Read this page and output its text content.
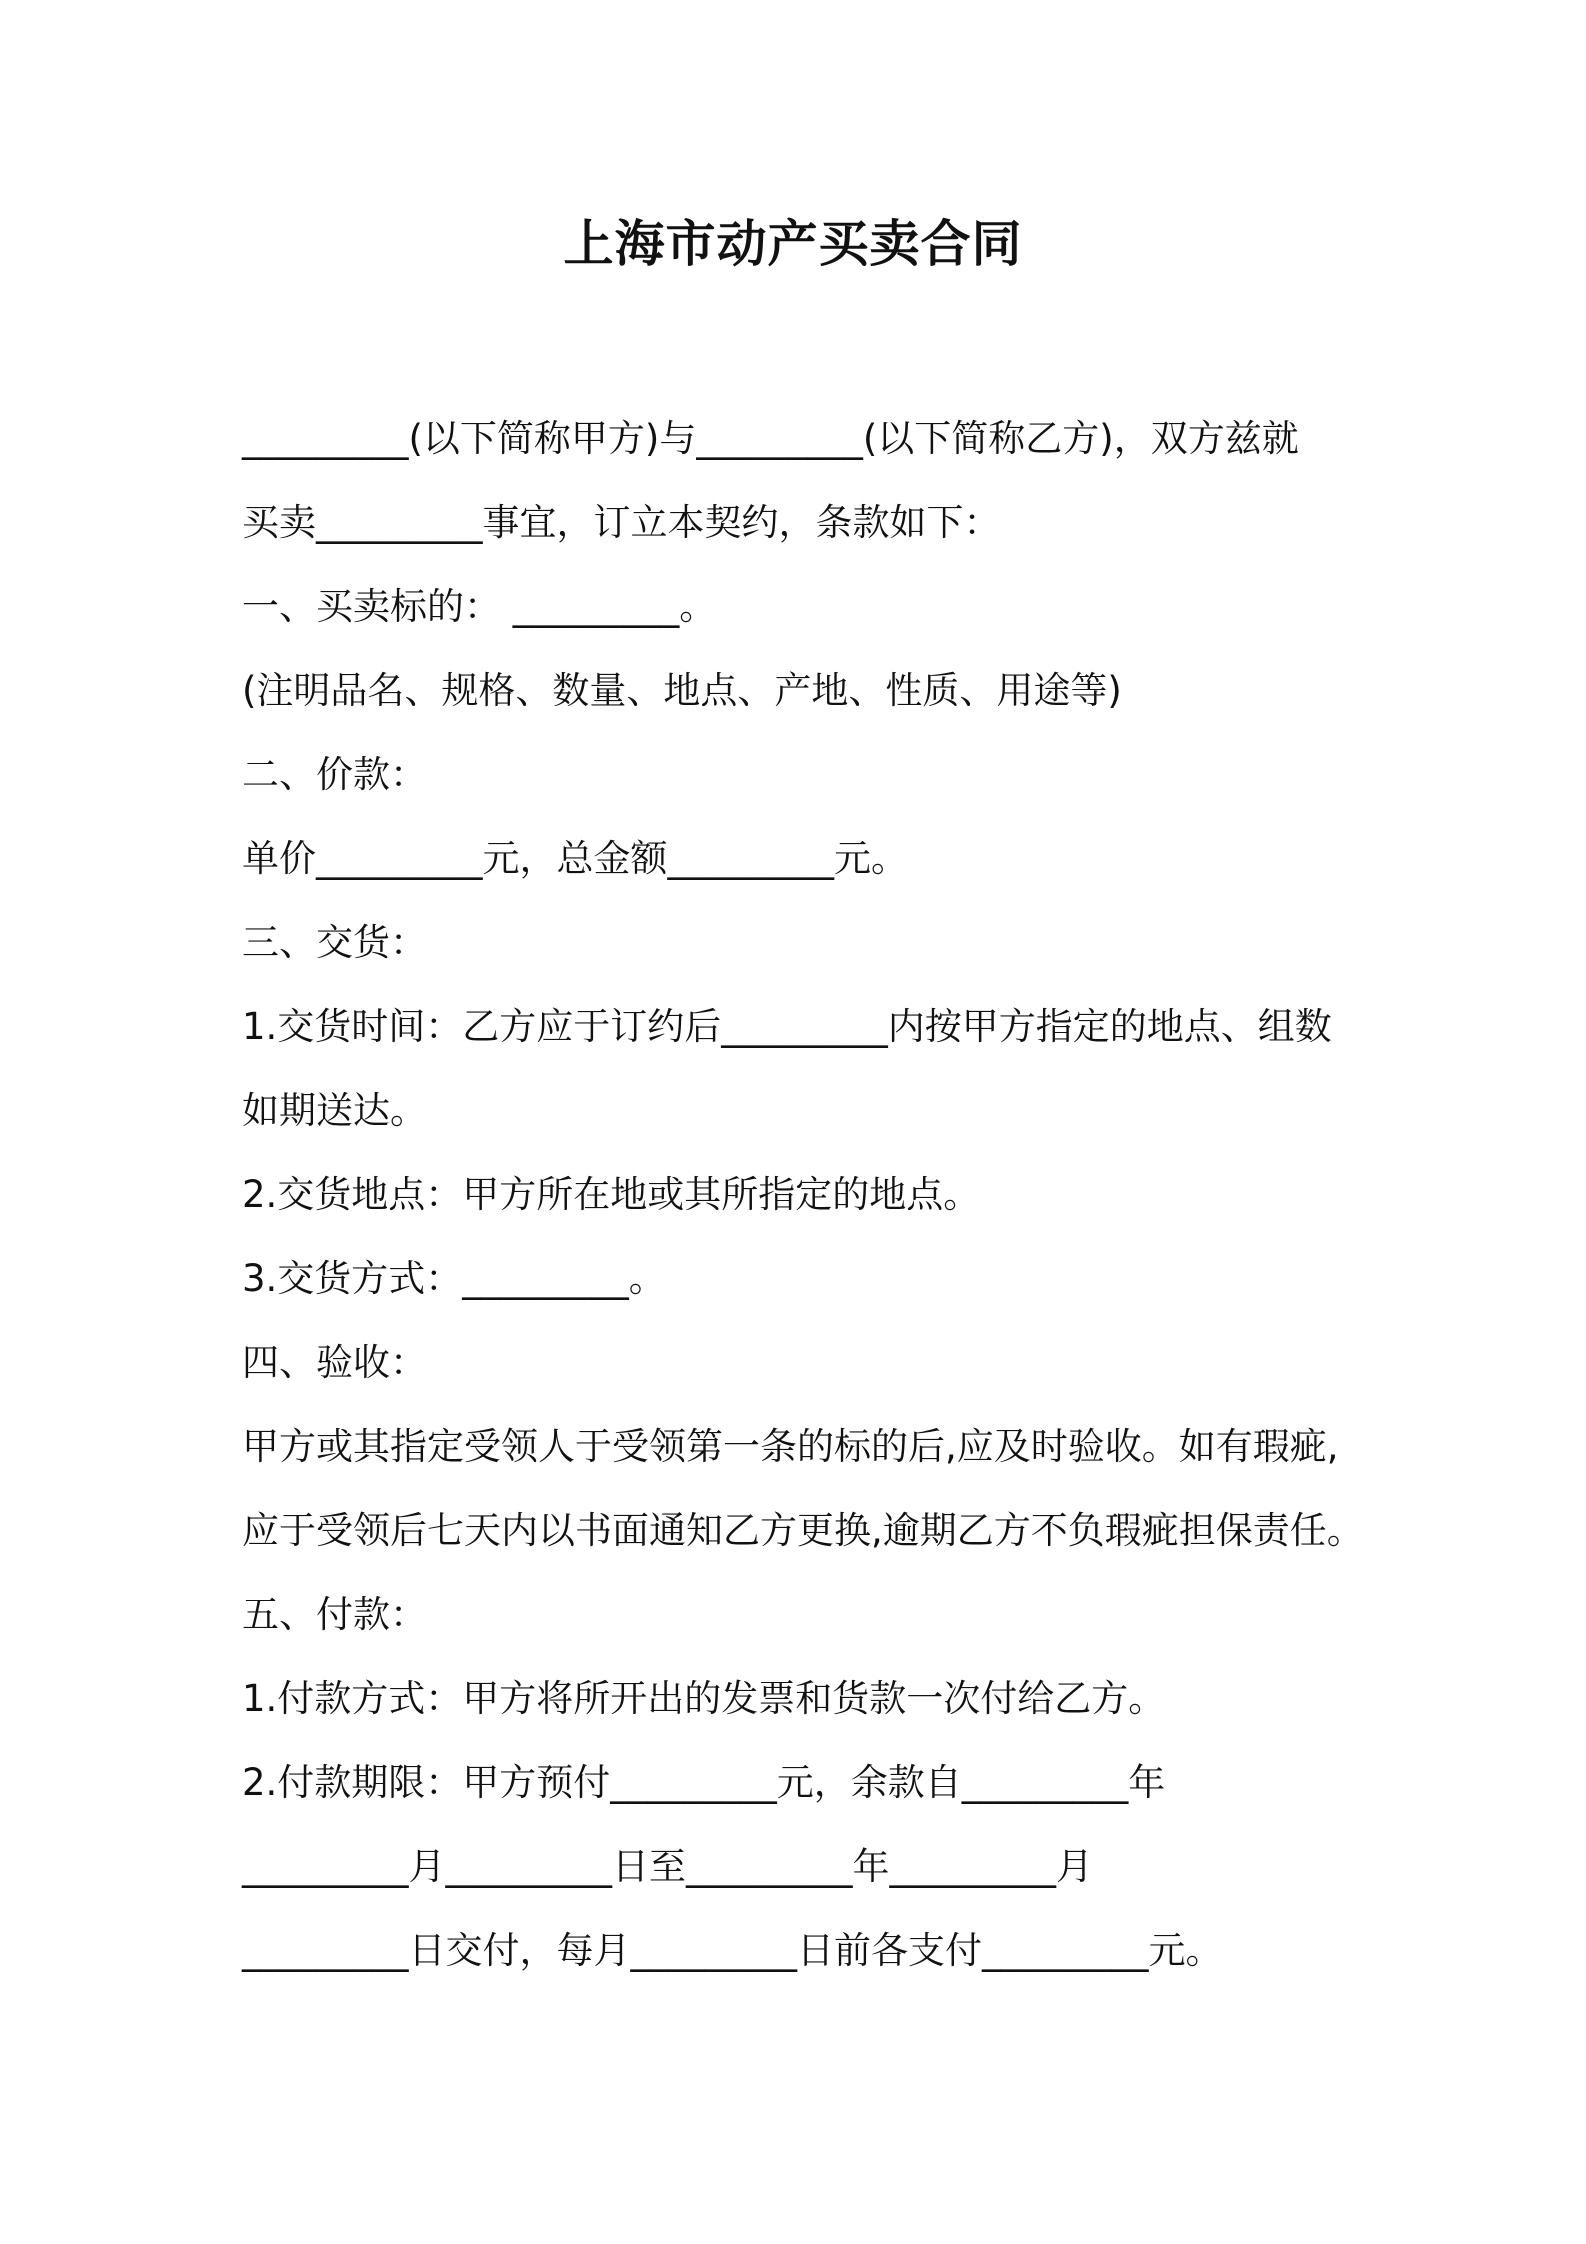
上海市动产买卖合同

_________(以下简称甲方)与_________(以下简称乙方)，双方兹就

买卖_________事宜，订立本契约，条款如下：

一、买卖标的： _________。

(注明品名、规格、数量、地点、产地、性质、用途等)

二、价款：

单价_________元，总金额_________元。

三、交货：

1.交货时间：乙方应于订约后_________内按甲方指定的地点、组数

如期送达。

2.交货地点：甲方所在地或其所指定的地点。

3.交货方式：_________。

四、验收：

甲方或其指定受领人于受领第一条的标的后,应及时验收。如有瑕疵,

应于受领后七天内以书面通知乙方更换,逾期乙方不负瑕疵担保责任。

五、付款：

1.付款方式：甲方将所开出的发票和货款一次付给乙方。

2.付款期限：甲方预付_________元，余款自_________年

_________月_________日至_________年_________月

_________日交付，每月_________日前各支付_________元。
